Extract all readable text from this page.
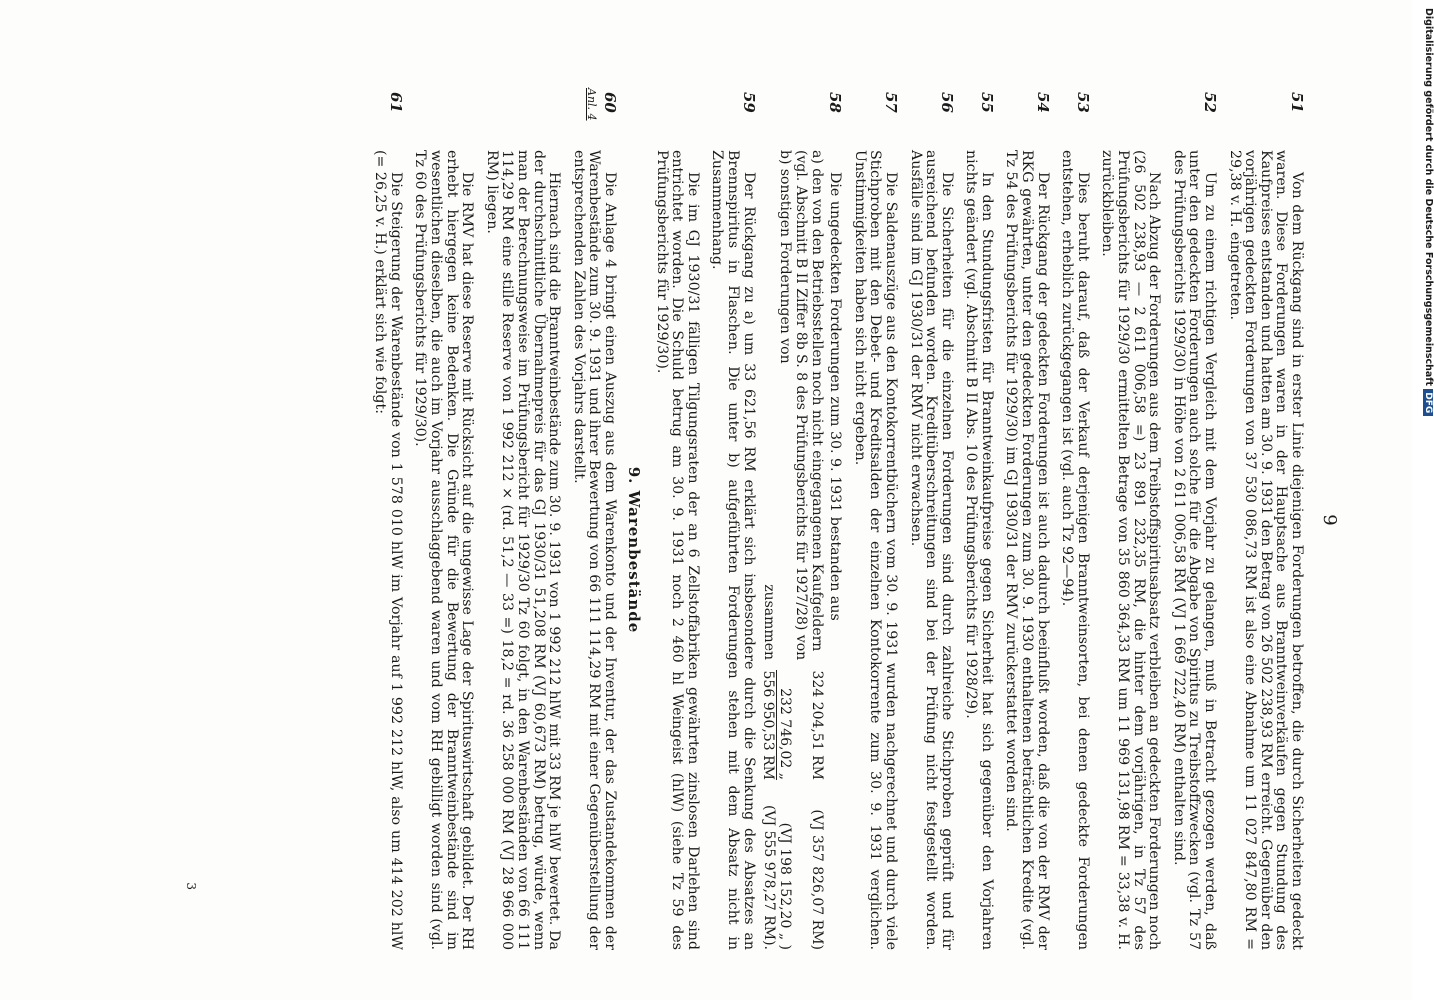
9
51
Von dem Rückgang sind in erster Linie diejenigen Forderungen betroffen, die durch Sicherheiten gedeckt waren. Diese Forderungen waren in der Hauptsache aus Branntweinverkäufen gegen Stundung des Kaufpreises entstanden und hatten am 30. 9. 1931 den Betrag von 26 502 238,93 RM erreicht. Gegenüber den vorjährigen gedeckten Forderungen von 37 530 086,73 RM ist also eine Abnahme um 11 027 847,80 RM = 29,38 v. H. eingetreten.
52
Um zu einem richtigen Vergleich mit dem Vorjahr zu gelangen, muß in Betracht gezogen werden, daß unter den gedeckten Forderungen auch solche für die Abgabe von Spiritus zu Treibstoffzwecken (vgl. Tz 57 des Prüfungsberichts 1929/30) in Höhe von 2 611 006,58 RM (VJ 1 669 722,40 RM) enthalten sind.
Nach Abzug der Forderungen aus dem Treibstoffspiritusabsatz verbleiben an gedeckten Forderungen noch (26 502 238,93 — 2 611 006,58 =) 23 891 232,35 RM, die hinter dem vorjährigen, in Tz 57 des Prüfungsberichts für 1929/30 ermittelten Betrage von 35 860 364,33 RM um 11 969 131,98 RM = 33,38 v. H. zurückbleiben.
53
Dies beruht darauf, daß der Verkauf derjenigen Branntweinsorten, bei denen gedeckte Forderungen entstehen, erheblich zurückgegangen ist (vgl. auch Tz 92—94).
54
Der Rückgang der gedeckten Forderungen ist auch dadurch beeinflußt worden, daß die von der RMV der RKG gewährten, unter den gedeckten Forderungen zum 30. 9. 1930 enthaltenen beträchtlichen Kredite (vgl. Tz 54 des Prüfungsberichts für 1929/30) im GJ 1930/31 der RMV zurückerstattet worden sind.
55
In den Stundungsfristen für Branntweinkaufpreise gegen Sicherheit hat sich gegenüber den Vorjahren nichts geändert (vgl. Abschnitt B II Abs. 10 des Prüfungsberichts für 1928/29).
56
Die Sicherheiten für die einzelnen Forderungen sind durch zahlreiche Stichproben geprüft und für ausreichend befunden worden. Kreditüberschreitungen sind bei der Prüfung nicht festgestellt worden. Ausfälle sind im GJ 1930/31 der RMV nicht erwachsen.
57
Die Saldenauszüge aus den Kontokorrentbüchern vom 30. 9. 1931 wurden nachgerechnet und durch viele Stichproben mit den Debet- und Kreditsalden der einzelnen Kontokorrente zum 30. 9. 1931 verglichen. Unstimmigkeiten haben sich nicht ergeben.
58
Die ungedeckten Forderungen zum 30. 9. 1931 bestanden aus
a) den von den Betriebsstellen noch nicht eingegangenen Kaufgeldern (vgl. Abschnitt B II Ziffer 8b S. 8 des Prüfungsberichts für 1927/28) von
324 204,51 RM
(VJ 357 826,07 RM)
b) sonstigen Forderungen von
232 746,02 „
(VJ 198 152,20 „ )
zusammen
556 950,53 RM
(VJ 555 978,27 RM).
59
Der Rückgang zu a) um 33 621,56 RM erklärt sich insbesondere durch die Senkung des Absatzes an Brennspiritus in Flaschen. Die unter b) aufgeführten Forderungen stehen mit dem Absatz nicht in Zusammenhang.
Die im GJ 1930/31 fälligen Tilgungsraten der an 6 Zellstoffabriken gewährten zinslosen Darlehen sind entrichtet worden. Die Schuld betrug am 30. 9. 1931 noch 2 460 hl Weingeist (hlW) (siehe Tz 59 des Prüfungsberichts für 1929/30).
9. Warenbestände
60
Anl. 4
Die Anlage 4 bringt einen Auszug aus dem Warenkonto und der Inventur, der das Zustandekommen der Warenbestände zum 30. 9. 1931 und ihrer Bewertung von 66 111 114,29 RM mit einer Gegenüberstellung der entsprechenden Zahlen des Vorjahrs darstellt.
Hiernach sind die Branntweinbestände zum 30. 9. 1931 von 1 992 212 hlW mit 33 RM je hlW bewertet. Da der durchschnittliche Übernahmepreis für das GJ 1930/31 51,208 RM (VJ 60,673 RM) betrug, würde, wenn man der Berechnungsweise im Prüfungsbericht für 1929/30 Tz 60 folgt, in den Warenbeständen von 66 111 114,29 RM eine stille Reserve von 1 992 212 × (rd. 51,2 — 33 =) 18,2 = rd. 36 258 000 RM (VJ 28 966 000 RM) liegen.
Die RMV hat diese Reserve mit Rücksicht auf die ungewisse Lage der Spirituswirtschaft gebildet. Der RH erhebt hiergegen keine Bedenken. Die Gründe für die Bewertung der Branntweinbestände sind im wesentlichen dieselben, die auch im Vorjahr ausschlaggebend waren und vom RH gebilligt worden sind (vgl. Tz 60 des Prüfungsberichts für 1929/30).
61
Die Steigerung der Warenbestände von 1 578 010 hlW im Vorjahr auf 1 992 212 hlW, also um 414 202 hlW (= 26,25 v. H.) erklärt sich wie folgt:
3
Digitalisierung gefördert durch die Deutsche Forschungsgemeinschaft DFG
